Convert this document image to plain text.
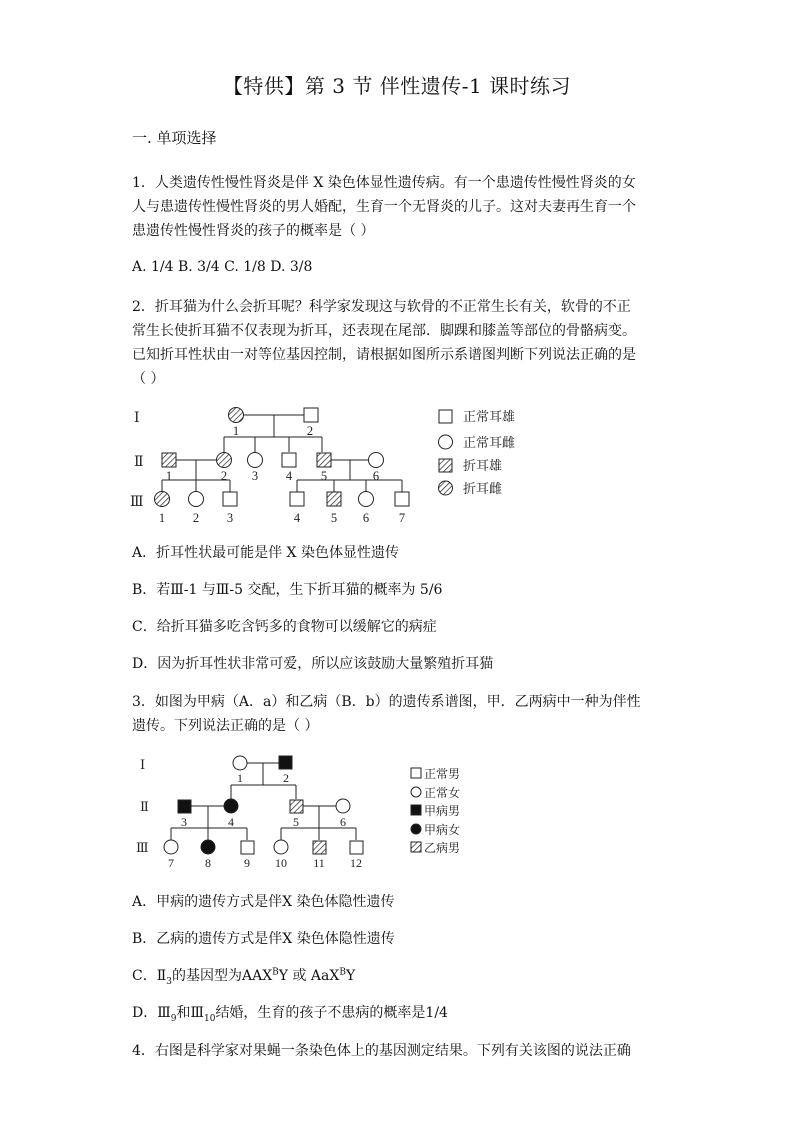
【特供】第 3 节 伴性遗传-1 课时练习
一. 单项选择
1．人类遗传性慢性肾炎是伴 X 染色体显性遗传病。有一个患遗传性慢性肾炎的女
人与患遗传性慢性肾炎的男人婚配，生育一个无肾炎的儿子。这对夫妻再生育一个
患遗传性慢性肾炎的孩子的概率是（ ）
A. 1/4 B. 3/4 C. 1/8 D. 3/8
2．折耳猫为什么会折耳呢？科学家发现这与软骨的不正常生长有关，软骨的不正
常生长使折耳猫不仅表现为折耳，还表现在尾部．脚踝和膝盖等部位的骨骼病变。
已知折耳性状由一对等位基因控制，请根据如图所示系谱图判断下列说法正确的是
（ ）
Ⅰ
Ⅱ
Ⅲ
1	2
1	2 3 4 5	6
1 2 3	4 5 6 7
正常耳雄
正常耳雌
折耳雄
折耳雌
A．折耳性状最可能是伴 X 染色体显性遗传
B．若Ⅲ-1 与Ⅲ-5 交配，生下折耳猫的概率为 5/6
C．给折耳猫多吃含钙多的食物可以缓解它的病症
D．因为折耳性状非常可爱，所以应该鼓励大量繁殖折耳猫
3．如图为甲病（A．a）和乙病（B．b）的遗传系谱图，甲．乙两病中一种为伴性
遗传。下列说法正确的是（ ）
Ⅰ
Ⅱ
Ⅲ
1	2
3	4	5	6
7	8	9 10 11 12
正常男
正常女
甲病男
甲病女
乙病男
A．甲病的遗传方式是伴X 染色体隐性遗传
B．乙病的遗传方式是伴X 染色体隐性遗传
C．$Ⅱ_3$的基因型为$AAX^BY$ 或 AaX$^B$Y
D．$Ⅲ_9$和$Ⅲ_{10}$结婚，生育的孩子不患病的概率是1/4
4．右图是科学家对果蝇一条染色体上的基因测定结果。下列有关该图的说法正确
